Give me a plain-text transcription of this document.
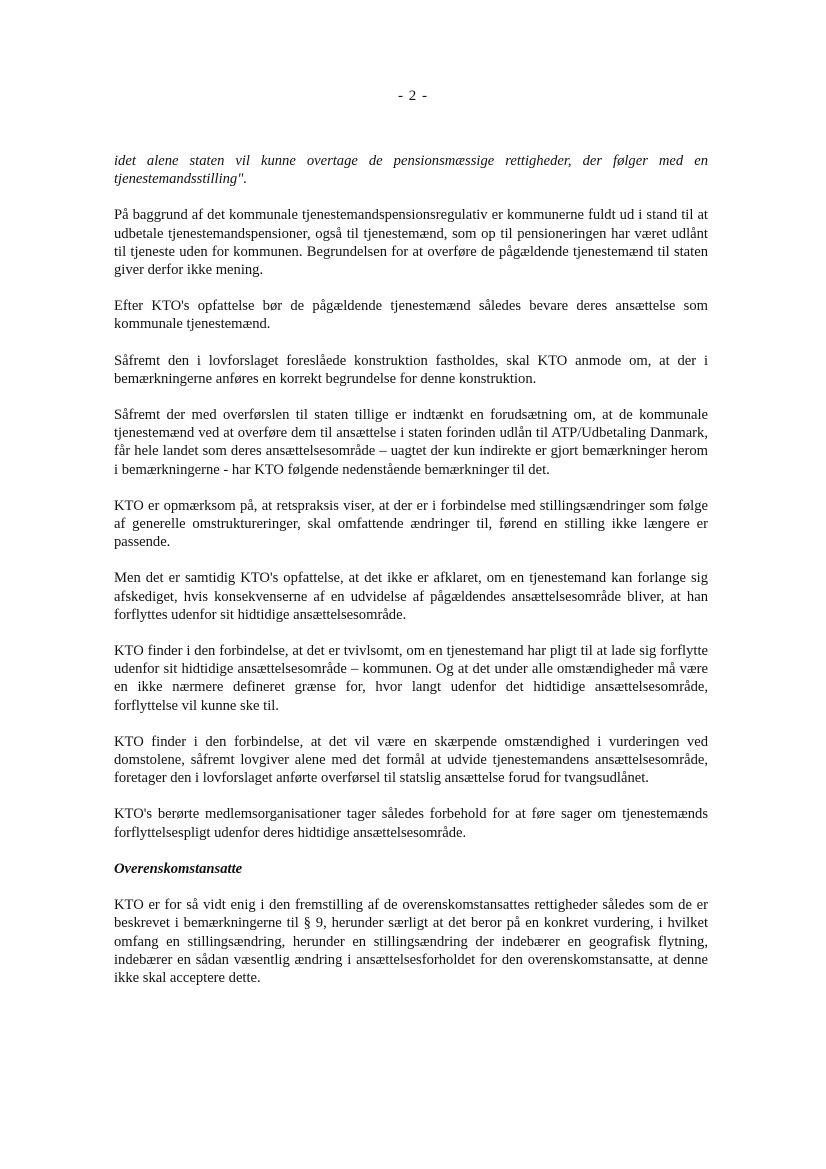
- 2 -

idet alene staten vil kunne overtage de pensionsmæssige rettigheder, der følger med en tjenestemandsstilling".

På baggrund af det kommunale tjenestemandspensionsregulativ er kommunerne fuldt ud i stand til at udbetale tjenestemandspensioner, også til tjenestemænd, som op til pensioneringen har været udlånt til tjeneste uden for kommunen. Begrundelsen for at overføre de pågældende tjenestemænd til staten giver derfor ikke mening.

Efter KTO's opfattelse bør de pågældende tjenestemænd således bevare deres ansættelse som kommunale tjenestemænd.

Såfremt den i lovforslaget foreslåede konstruktion fastholdes, skal KTO anmode om, at der i bemærkningerne anføres en korrekt begrundelse for denne konstruktion.

Såfremt der med overførslen til staten tillige er indtænkt en forudsætning om, at de kommunale tjenestemænd ved at overføre dem til ansættelse i staten forinden udlån til ATP/Udbetaling Danmark, får hele landet som deres ansættelsesområde – uagtet der kun indirekte er gjort bemærkninger herom i bemærkningerne - har KTO følgende nedenstående bemærkninger til det.

KTO er opmærksom på, at retspraksis viser, at der er i forbindelse med stillingsændringer som følge af generelle omstruktureringer, skal omfattende ændringer til, førend en stilling ikke længere er passende.

Men det er samtidig KTO's opfattelse, at det ikke er afklaret, om en tjenestemand kan forlange sig afskediget, hvis konsekvenserne af en udvidelse af pågældendes ansættelsesområde bliver, at han forflyttes udenfor sit hidtidige ansættelsesområde.

KTO finder i den forbindelse, at det er tvivlsomt, om en tjenestemand har pligt til at lade sig forflytte udenfor sit hidtidige ansættelsesområde – kommunen. Og at det under alle omstændigheder må være en ikke nærmere defineret grænse for, hvor langt udenfor det hidtidige ansættelsesområde, forflyttelse vil kunne ske til.

KTO finder i den forbindelse, at det vil være en skærpende omstændighed i vurderingen ved domstolene, såfremt lovgiver alene med det formål at udvide tjenestemandens ansættelsesområde, foretager den i lovforslaget anførte overførsel til statslig ansættelse forud for tvangsudlånet.

KTO's berørte medlemsorganisationer tager således forbehold for at føre sager om tjenestemænds forflyttelsespligt udenfor deres hidtidige ansættelsesområde.

Overenskomstansatte

KTO er for så vidt enig i den fremstilling af de overenskomstansattes rettigheder således som de er beskrevet i bemærkningerne til § 9, herunder særligt at det beror på en konkret vurdering, i hvilket omfang en stillingsændring, herunder en stillingsændring der indebærer en geografisk flytning, indebærer en sådan væsentlig ændring i ansættelsesforholdet for den overenskomstansatte, at denne ikke skal acceptere dette.
